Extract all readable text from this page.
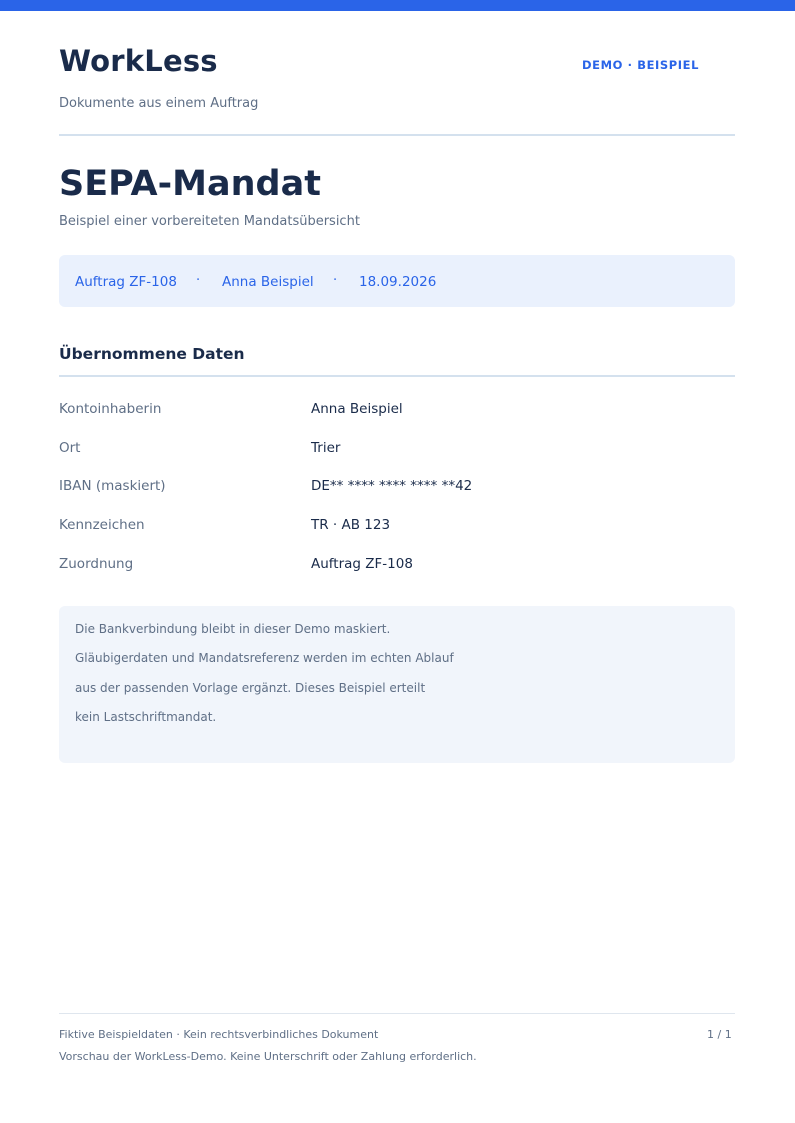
WorkLess	DEMO · BEISPIEL
Dokumente aus einem Auftrag
SEPA-Mandat
Beispiel einer vorbereiteten Mandatsübersicht
Auftrag ZF-108 · Anna Beispiel · 18.09.2026
Übernommene Daten
Kontoinhaberin	Anna Beispiel
Ort	Trier
IBAN (maskiert)	DE** **** **** **** **42
Kennzeichen	TR · AB 123
Zuordnung	Auftrag ZF-108
Die Bankverbindung bleibt in dieser Demo maskiert.
Gläubigerdaten und Mandatsreferenz werden im echten Ablauf
aus der passenden Vorlage ergänzt. Dieses Beispiel erteilt
kein Lastschriftmandat.
Fiktive Beispieldaten · Kein rechtsverbindliches Dokument	1 / 1
Vorschau der WorkLess-Demo. Keine Unterschrift oder Zahlung erforderlich.
